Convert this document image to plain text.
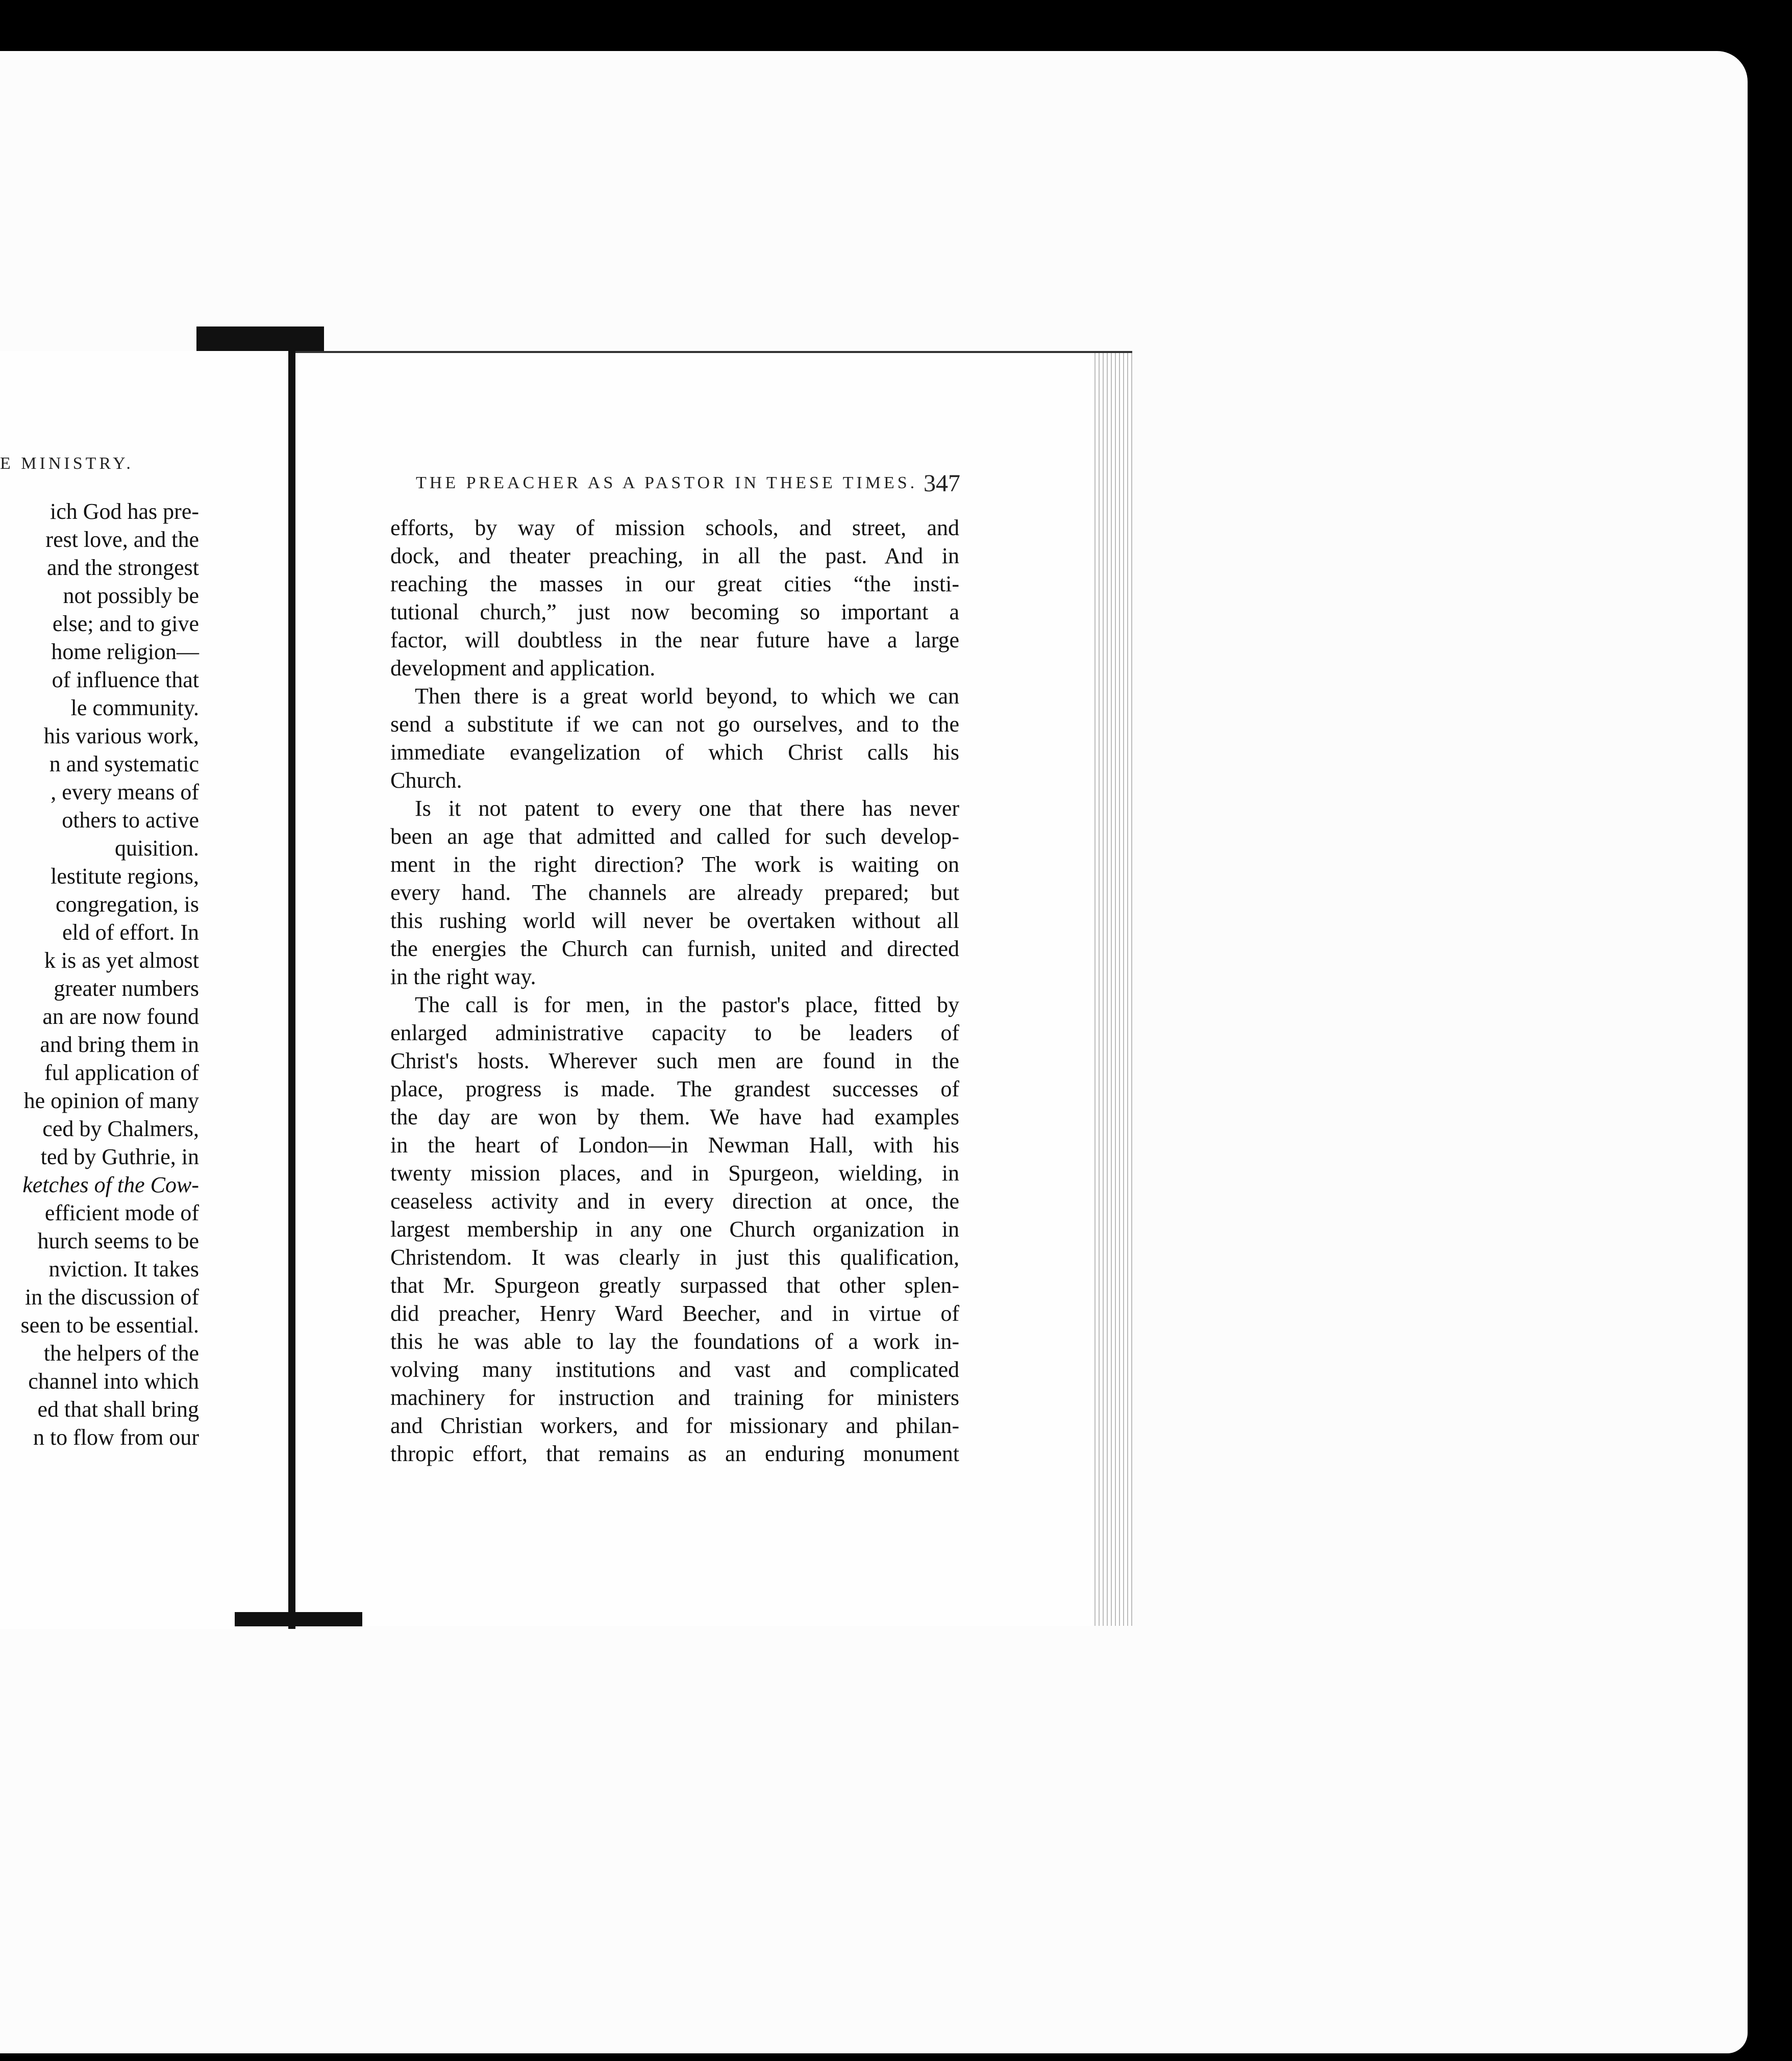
E MINISTRY.
THE PREACHER AS A PASTOR IN THESE TIMES. 347
ich God has pre-
rest love, and the
and the strongest
not possibly be
else; and to give
home religion—
of influence that
le community.
his various work,
n and systematic
, every means of
others to active
quisition.
lestitute regions,
congregation, is
eld of effort. In
k is as yet almost
greater numbers
an are now found
and bring them in
ful application of
he opinion of many
ced by Chalmers,
ted by Guthrie, in
ketches of the Cow-
efficient mode of
hurch seems to be
nviction. It takes
in the discussion of
seen to be essential.
the helpers of the
channel into which
ed that shall bring
n to flow from our
efforts, by way of mission schools, and street, and
dock, and theater preaching, in all the past. And in
reaching the masses in our great cities “the insti-
tutional church,” just now becoming so important a
factor, will doubtless in the near future have a large
development and application.
Then there is a great world beyond, to which we can
send a substitute if we can not go ourselves, and to the
immediate evangelization of which Christ calls his
Church.
Is it not patent to every one that there has never
been an age that admitted and called for such develop-
ment in the right direction? The work is waiting on
every hand. The channels are already prepared; but
this rushing world will never be overtaken without all
the energies the Church can furnish, united and directed
in the right way.
The call is for men, in the pastor's place, fitted by
enlarged administrative capacity to be leaders of
Christ's hosts. Wherever such men are found in the
place, progress is made. The grandest successes of
the day are won by them. We have had examples
in the heart of London—in Newman Hall, with his
twenty mission places, and in Spurgeon, wielding, in
ceaseless activity and in every direction at once, the
largest membership in any one Church organization in
Christendom. It was clearly in just this qualification,
that Mr. Spurgeon greatly surpassed that other splen-
did preacher, Henry Ward Beecher, and in virtue of
this he was able to lay the foundations of a work in-
volving many institutions and vast and complicated
machinery for instruction and training for ministers
and Christian workers, and for missionary and philan-
thropic effort, that remains as an enduring monument
